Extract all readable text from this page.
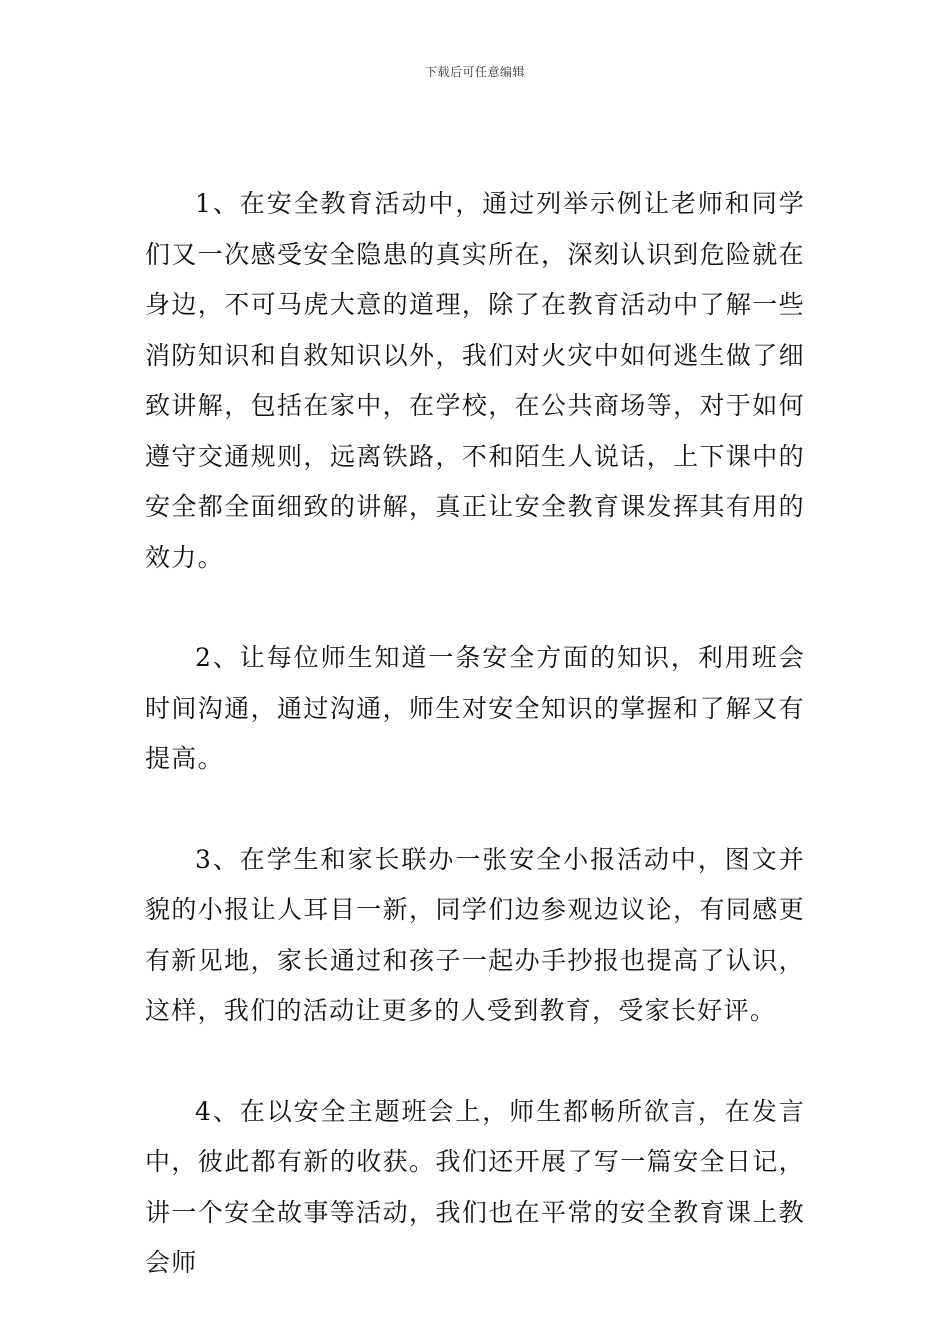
下载后可任意编辑

1、在安全教育活动中，通过列举示例让老师和同学们又一次感受安全隐患的真实所在，深刻认识到危险就在身边，不可马虎大意的道理，除了在教育活动中了解一些消防知识和自救知识以外，我们对火灾中如何逃生做了细致讲解，包括在家中，在学校，在公共商场等，对于如何遵守交通规则，远离铁路，不和陌生人说话，上下课中的安全都全面细致的讲解，真正让安全教育课发挥其有用的效力。

2、让每位师生知道一条安全方面的知识，利用班会时间沟通，通过沟通，师生对安全知识的掌握和了解又有提高。

3、在学生和家长联办一张安全小报活动中，图文并貌的小报让人耳目一新，同学们边参观边议论，有同感更有新见地，家长通过和孩子一起办手抄报也提高了认识，这样，我们的活动让更多的人受到教育，受家长好评。

4、在以安全主题班会上，师生都畅所欲言，在发言中，彼此都有新的收获。我们还开展了写一篇安全日记，讲一个安全故事等活动，我们也在平常的安全教育课上教会师
